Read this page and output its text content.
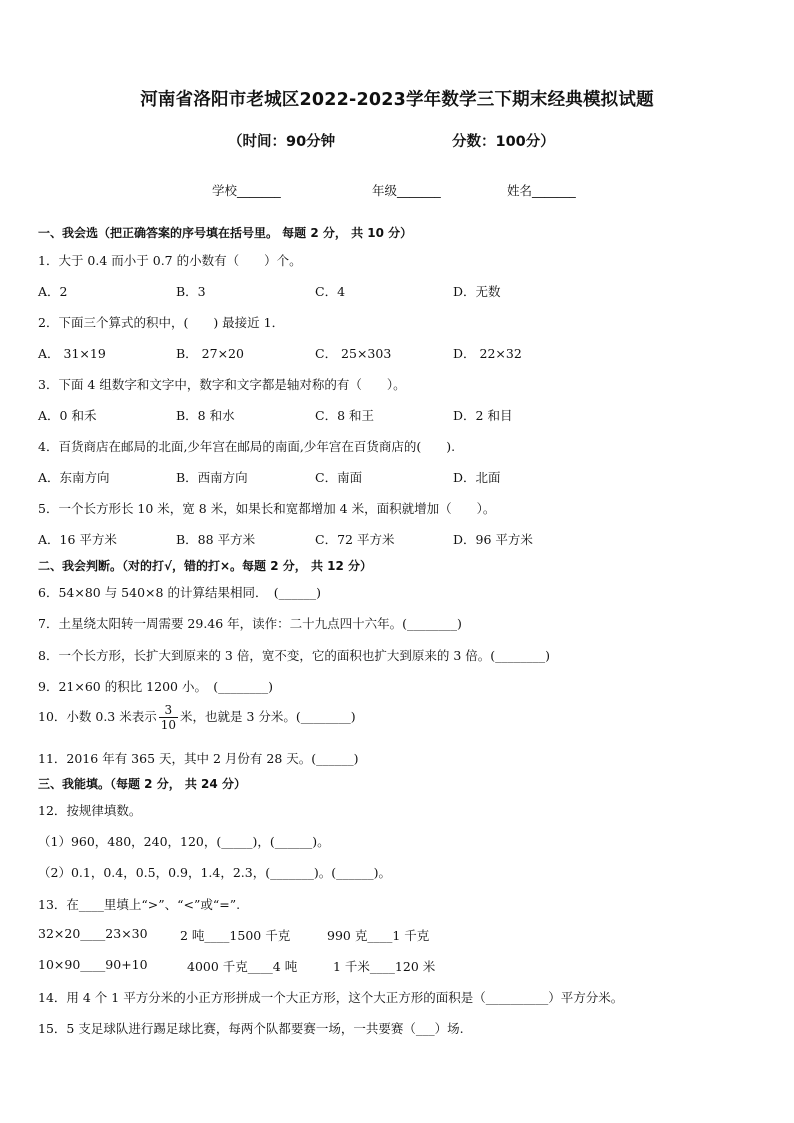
河南省洛阳市老城区2022-2023学年数学三下期末经典模拟试题
（时间：90分钟	分数：100分）
学校_______	年级_______	姓名_______
一、我会选（把正确答案的序号填在括号里。 每题 2 分， 共 10 分）
1．大于 0.4 而小于 0.7 的小数有（　　）个。
A．2	B．3	C．4	D．无数
2．下面三个算式的积中，(　　) 最接近 1．
A． 31×19	B． 27×20	C． 25×303	D． 22×32
3．下面 4 组数字和文字中，数字和文字都是轴对称的有（　　）。
A．0 和禾	B．8 和水	C．8 和王	D．2 和目
4．百货商店在邮局的北面,少年宫在邮局的南面,少年宫在百货商店的(　　).
A．东南方向	B．西南方向	C．南面	D．北面
5．一个长方形长 10 米，宽 8 米，如果长和宽都增加 4 米，面积就增加（　　）。
A．16 平方米	B．88 平方米	C．72 平方米	D．96 平方米
二、我会判断。（对的打√，错的打×。每题 2 分， 共 12 分）
6．54×80 与 540×8 的计算结果相同．　(______)
7．土星绕太阳转一周需要 29.46 年，读作：二十九点四十六年。(________)
8．一个长方形，长扩大到原来的 3 倍，宽不变，它的面积也扩大到原来的 3 倍。(________)
9．21×60 的积比 1200 小。　(________)
10．小数 0.3 米表示 $\frac{3}{10}$ 米，也就是 3 分米。(________)
11．2016 年有 365 天，其中 2 月份有 28 天。(______)
三、我能填。（每题 2 分， 共 24 分）
12．按规律填数。
（1）960，480，240，120，(_____)，(______)。
（2）0.1，0.4，0.5，0.9，1.4，2.3，(_______)。(______)。
13．在____里填上“>”、“<”或“=”.
32×20____23×30	2 吨____1500 千克	990 克____1 千克
10×90____90+10	4000 千克____4 吨	1 千米____120 米
14．用 4 个 1 平方分米的小正方形拼成一个大正方形，这个大正方形的面积是（__________）平方分米。
15．5 支足球队进行踢足球比赛，每两个队都要赛一场，一共要赛（___）场.
